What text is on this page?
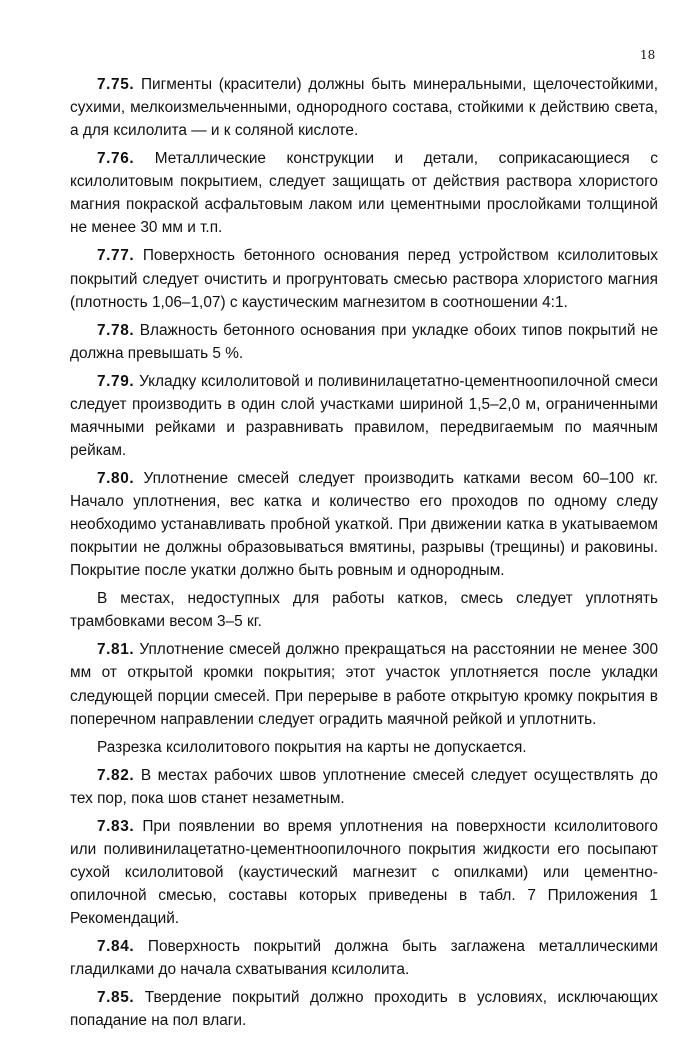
18

7.75. Пигменты (красители) должны быть минеральными, щелочестойкими, сухими, мелкоизмельченными, однородного состава, стойкими к действию света, а для ксилолита — и к соляной кислоте.

7.76. Металлические конструкции и детали, соприкасающиеся с ксилолитовым покрытием, следует защищать от действия раствора хлористого магния покраской асфальтовым лаком или цементными прослойками толщиной не менее 30 мм и т.п.

7.77. Поверхность бетонного основания перед устройством ксилолитовых покрытий следует очистить и прогрунтовать смесью раствора хлористого магния (плотность 1,06–1,07) с каустическим магнезитом в соотношении 4:1.

7.78. Влажность бетонного основания при укладке обоих типов покрытий не должна превышать 5 %.

7.79. Укладку ксилолитовой и поливинилацетатно-цементноопилочной смеси следует производить в один слой участками шириной 1,5–2,0 м, ограниченными маячными рейками и разравнивать правилом, передвигаемым по маячным рейкам.

7.80. Уплотнение смесей следует производить катками весом 60–100 кг. Начало уплотнения, вес катка и количество его проходов по одному следу необходимо устанавливать пробной укаткой. При движении катка в укатываемом покрытии не должны образовываться вмятины, разрывы (трещины) и раковины. Покрытие после укатки должно быть ровным и однородным.

В местах, недоступных для работы катков, смесь следует уплотнять трамбовками весом 3–5 кг.

7.81. Уплотнение смесей должно прекращаться на расстоянии не менее 300 мм от открытой кромки покрытия; этот участок уплотняется после укладки следующей порции смесей. При перерыве в работе открытую кромку покрытия в поперечном направлении следует оградить маячной рейкой и уплотнить.

Разрезка ксилолитового покрытия на карты не допускается.

7.82. В местах рабочих швов уплотнение смесей следует осуществлять до тех пор, пока шов станет незаметным.

7.83. При появлении во время уплотнения на поверхности ксилолитового или поливинилацетатно-цементноопилочного покрытия жидкости его посыпают сухой ксилолитовой (каустический магнезит с опилками) или цементно-опилочной смесью, составы которых приведены в табл. 7 Приложения 1 Рекомендаций.

7.84. Поверхность покрытий должна быть заглажена металлическими гладилками до начала схватывания ксилолита.

7.85. Твердение покрытий должно проходить в условиях, исключающих попадание на пол влаги.
